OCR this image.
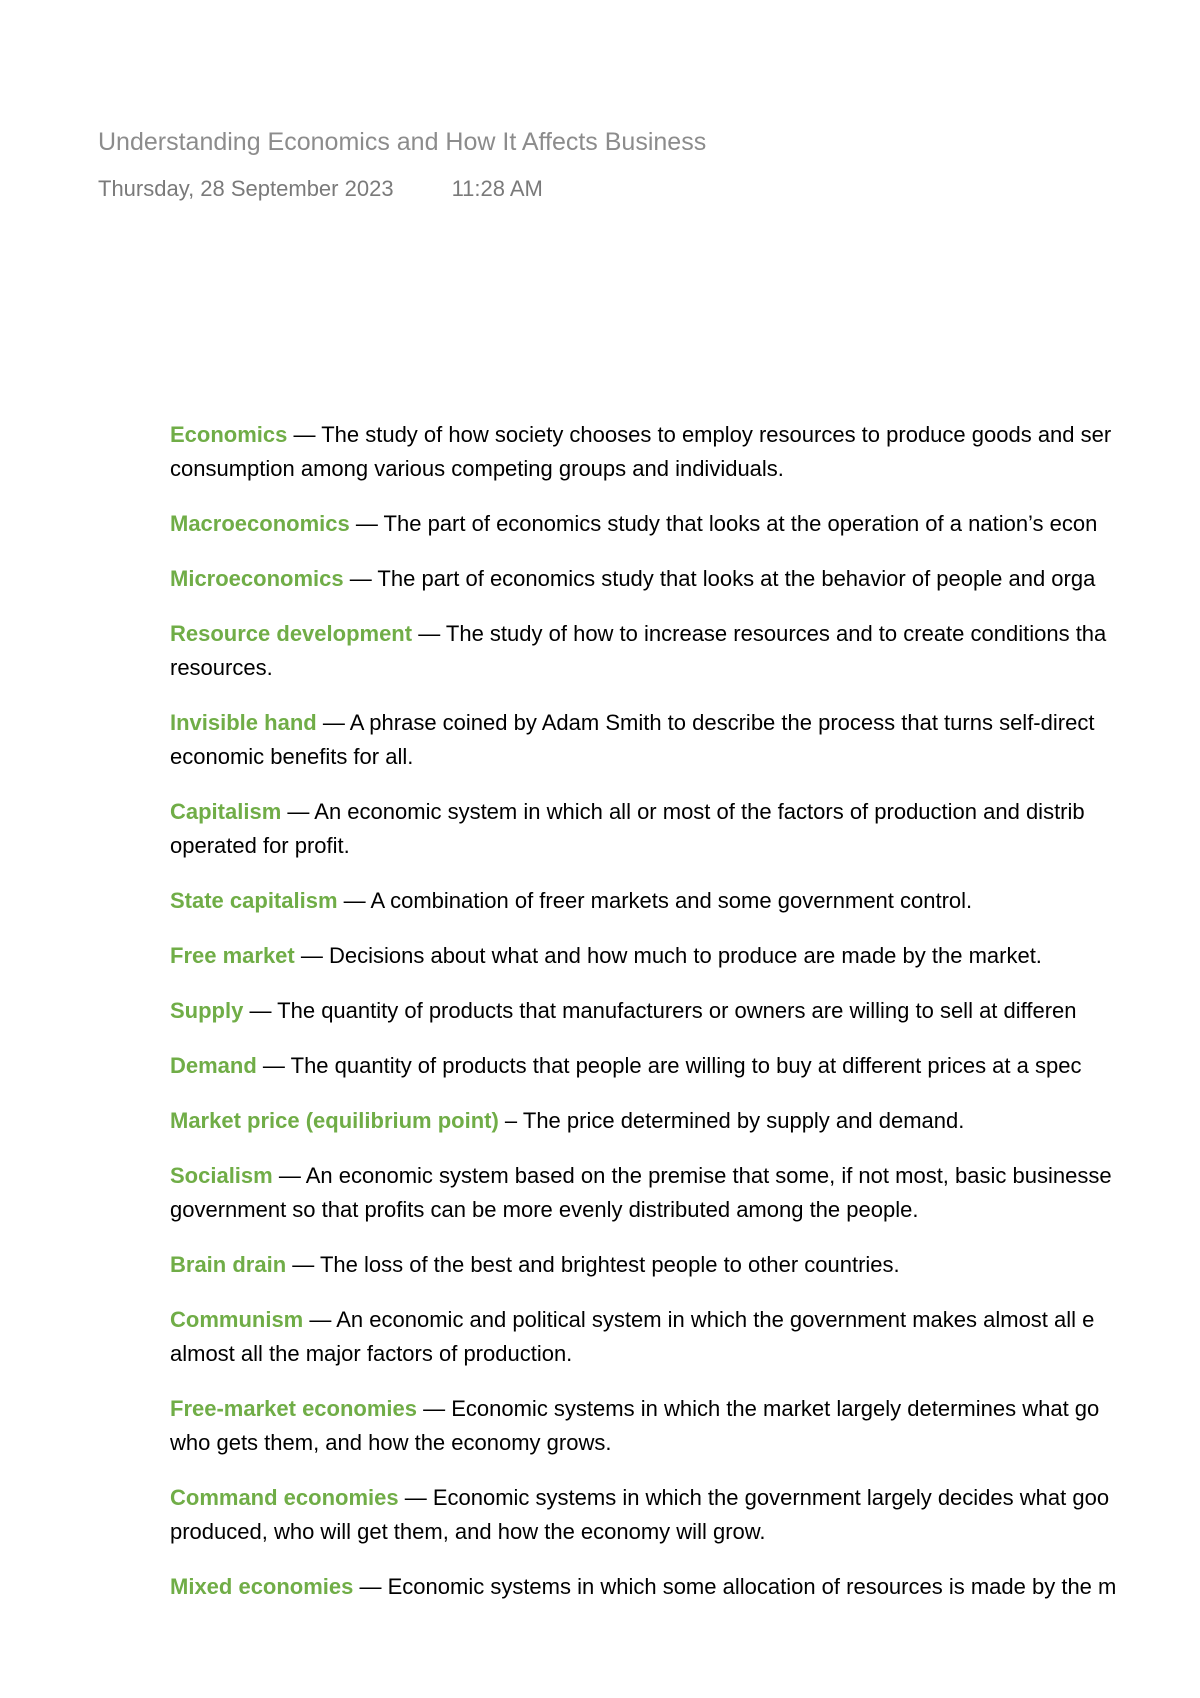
Understanding Economics and How It Affects Business
Thursday, 28 September 2023	11:28 AM

Economics — The study of how society chooses to employ resources to produce goods and ser
consumption among various competing groups and individuals.

Macroeconomics — The part of economics study that looks at the operation of a nation’s econ

Microeconomics — The part of economics study that looks at the behavior of people and orga

Resource development — The study of how to increase resources and to create conditions tha
resources.

Invisible hand — A phrase coined by Adam Smith to describe the process that turns self-direct
economic benefits for all.

Capitalism — An economic system in which all or most of the factors of production and distrib
operated for profit.

State capitalism — A combination of freer markets and some government control.

Free market — Decisions about what and how much to produce are made by the market.

Supply — The quantity of products that manufacturers or owners are willing to sell at differen

Demand — The quantity of products that people are willing to buy at different prices at a spec

Market price (equilibrium point) – The price determined by supply and demand.

Socialism — An economic system based on the premise that some, if not most, basic businesse
government so that profits can be more evenly distributed among the people.

Brain drain — The loss of the best and brightest people to other countries.

Communism — An economic and political system in which the government makes almost all e
almost all the major factors of production.

Free-market economies — Economic systems in which the market largely determines what go
who gets them, and how the economy grows.

Command economies — Economic systems in which the government largely decides what goo
produced, who will get them, and how the economy will grow.

Mixed economies — Economic systems in which some allocation of resources is made by the m
